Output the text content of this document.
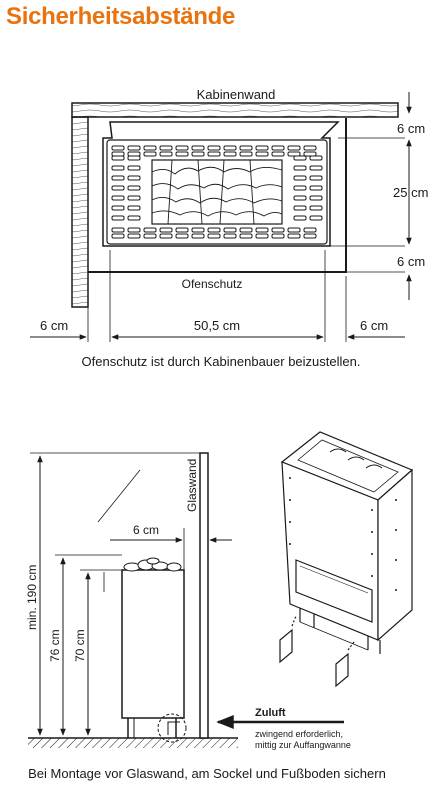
Sicherheitsabstände
Kabinenwand
Ofenschutz
6 cm
25 cm
6 cm
6 cm	50,5 cm	6 cm
Ofenschutz ist durch Kabinenbauer beizustellen.
Glaswand
min. 190 cm
6 cm
76 cm 70 cm
Zuluft
zwingend erforderlich,
mittig zur Auffangwanne
Bei Montage vor Glaswand, am Sockel und Fußboden sichern
